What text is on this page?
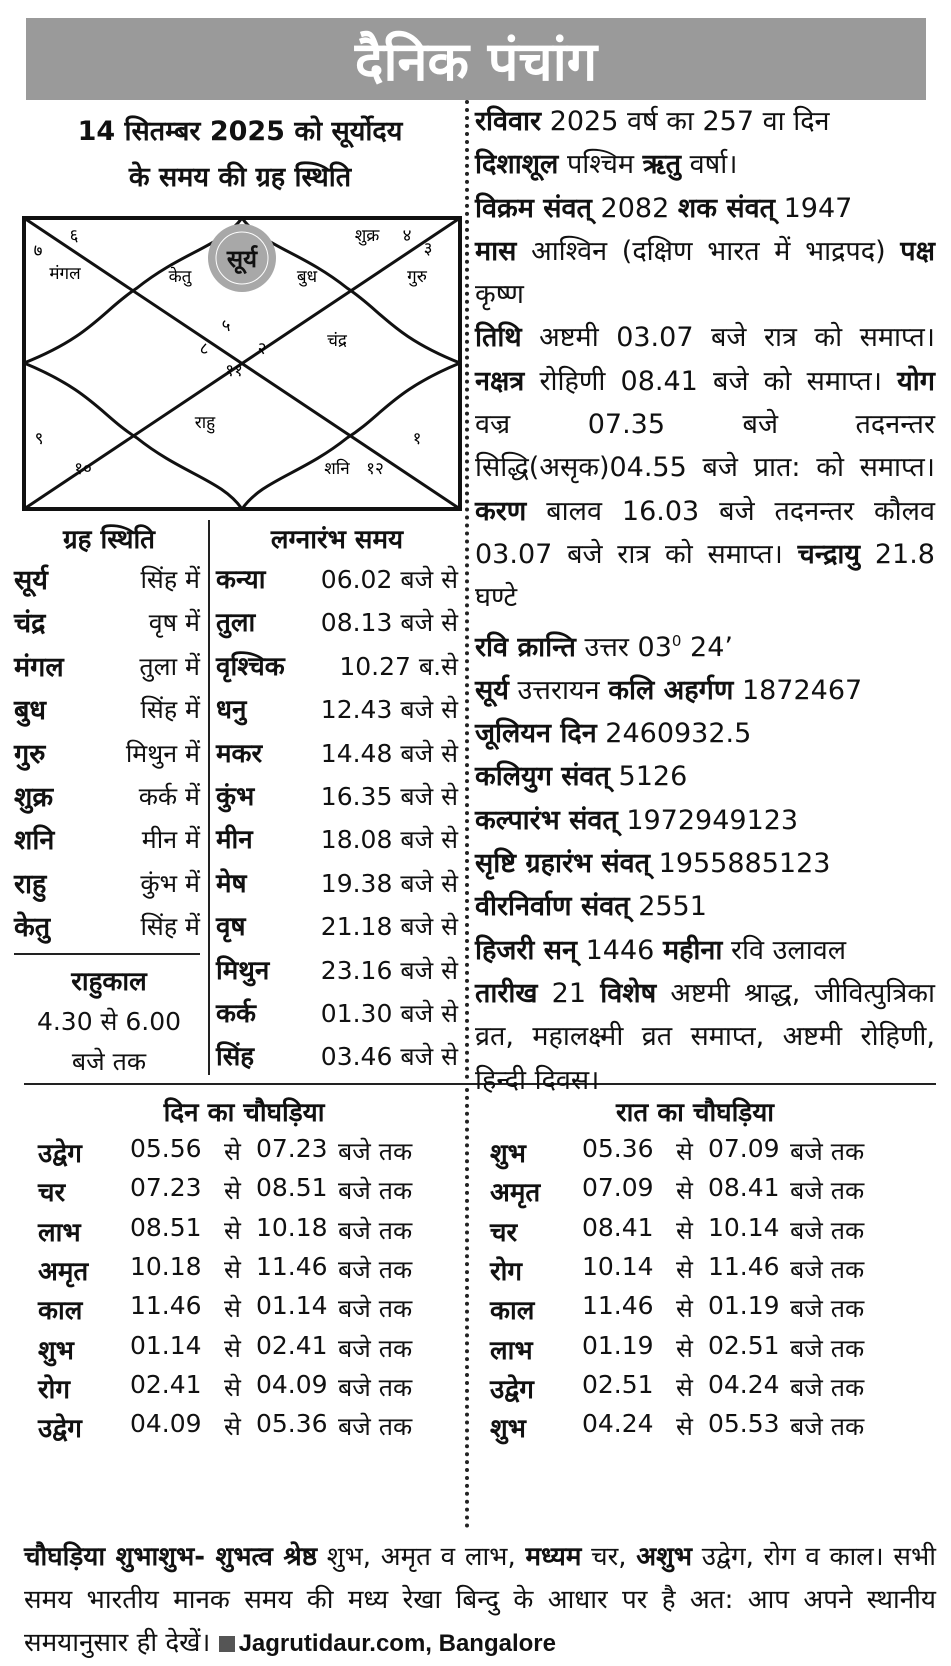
दैनिक पंचांग
14 सितम्बर 2025 को सूर्योदय
के समय की ग्रह स्थिति
सूर्य
केतु	बुध
शुक्र ४
६
७
मंगल
३
गुरु
५
८	२
११
चंद्र
राहु
९
१०
१
शनि १२
ग्रह स्थिति
सूर्य	सिंह में
चंद्र	वृष में
मंगल	तुला में
बुध	सिंह में
गुरु	मिथुन में
शुक्र	कर्क में
शनि	मीन में
राहु	कुंभ में
केतु	सिंह में
राहुकाल
4.30 से 6.00
बजे तक
लग्नारंभ समय
कन्या	06.02 बजे से
तुला	08.13 बजे से
वृश्चिक	10.27 ब.से
धनु	12.43 बजे से
मकर	14.48 बजे से
कुंभ	16.35 बजे से
मीन	18.08 बजे से
मेष	19.38 बजे से
वृष	21.18 बजे से
मिथुन	23.16 बजे से
कर्क	01.30 बजे से
सिंह	03.46 बजे से
रविवार 2025 वर्ष का 257 वा दिन
दिशाशूल पश्चिम ऋतु वर्षा।
विक्रम संवत् 2082 शक संवत् 1947
मास आश्विन (दक्षिण भारत में भाद्रपद) पक्ष कृष्ण
तिथि अष्टमी 03.07 बजे रात्र को समाप्त। नक्षत्र रोहिणी 08.41 बजे को समाप्त। योग वज्र 07.35 बजे तदनन्तर सिद्धि(असृक)04.55 बजे प्रात: को समाप्त। करण बालव 16.03 बजे तदनन्तर कौलव 03.07 बजे रात्र को समाप्त। चन्द्रायु 21.8 घण्टे
रवि क्रान्ति उत्तर $03^0$ 24’
सूर्य उत्तरायन कलि अहर्गण 1872467
जूलियन दिन 2460932.5
कलियुग संवत् 5126
कल्पारंभ संवत् 1972949123
सृष्टि ग्रहारंभ संवत् 1955885123
वीरनिर्वाण संवत् 2551
हिजरी सन् 1446 महीना रवि उलावल
तारीख 21 विशेष अष्टमी श्राद्ध, जीवित्पुत्रिका व्रत, महालक्ष्मी व्रत समाप्त, अष्टमी रोहिणी, हिन्दी दिवस।
दिन का चौघड़िया	रात का चौघड़िया
उद्वेग 05.56 से 07.23 बजे तक
चर	07.23 से 08.51 बजे तक
लाभ 08.51 से 10.18 बजे तक
अमृत 10.18 से 11.46 बजे तक
काल 11.46 से 01.14 बजे तक
शुभ 01.14 से 02.41 बजे तक
रोग 02.41 से 04.09 बजे तक
उद्वेग 04.09 से 05.36 बजे तक
शुभ 05.36 से 07.09 बजे तक
अमृत 07.09 से 08.41 बजे तक
चर	08.41 से 10.14 बजे तक
रोग 10.14 से 11.46 बजे तक
काल 11.46 से 01.19 बजे तक
लाभ 01.19 से 02.51 बजे तक
उद्वेग 02.51 से 04.24 बजे तक
शुभ 04.24 से 05.53 बजे तक
चौघड़िया शुभाशुभ- शुभत्व श्रेष्ठ शुभ, अमृत व लाभ, मध्यम चर, अशुभ उद्वेग, रोग व काल। सभी समय भारतीय मानक समय की मध्य रेखा बिन्दु के आधार पर है अत: आप अपने स्थानीय समयानुसार ही देखें। Jagrutidaur.com, Bangalore
